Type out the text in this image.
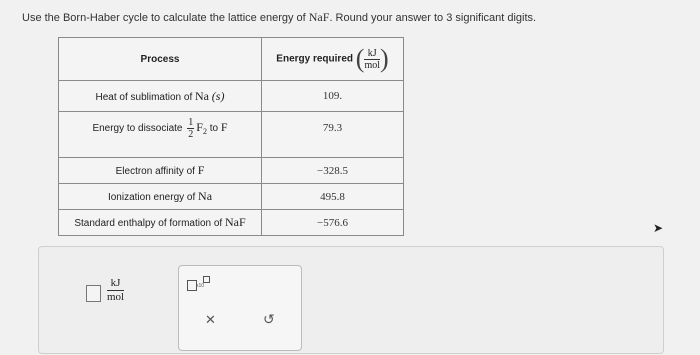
Use the Born-Haber cycle to calculate the lattice energy of NaF. Round your answer to 3 significant digits.
Process	Energy required ( $\frac{kJ}{\text{mol}}$ )
Heat of sublimation of Na (s)	109.

Energy to dissociate $\frac{1}{2} F_2$ to F	79.3

Electron affinity of F	−328.5
Ionization energy of Na	495.8
Standard enthalpy of formation of NaF	−576.6
kJ
mol
x10
✕	↺
➤
